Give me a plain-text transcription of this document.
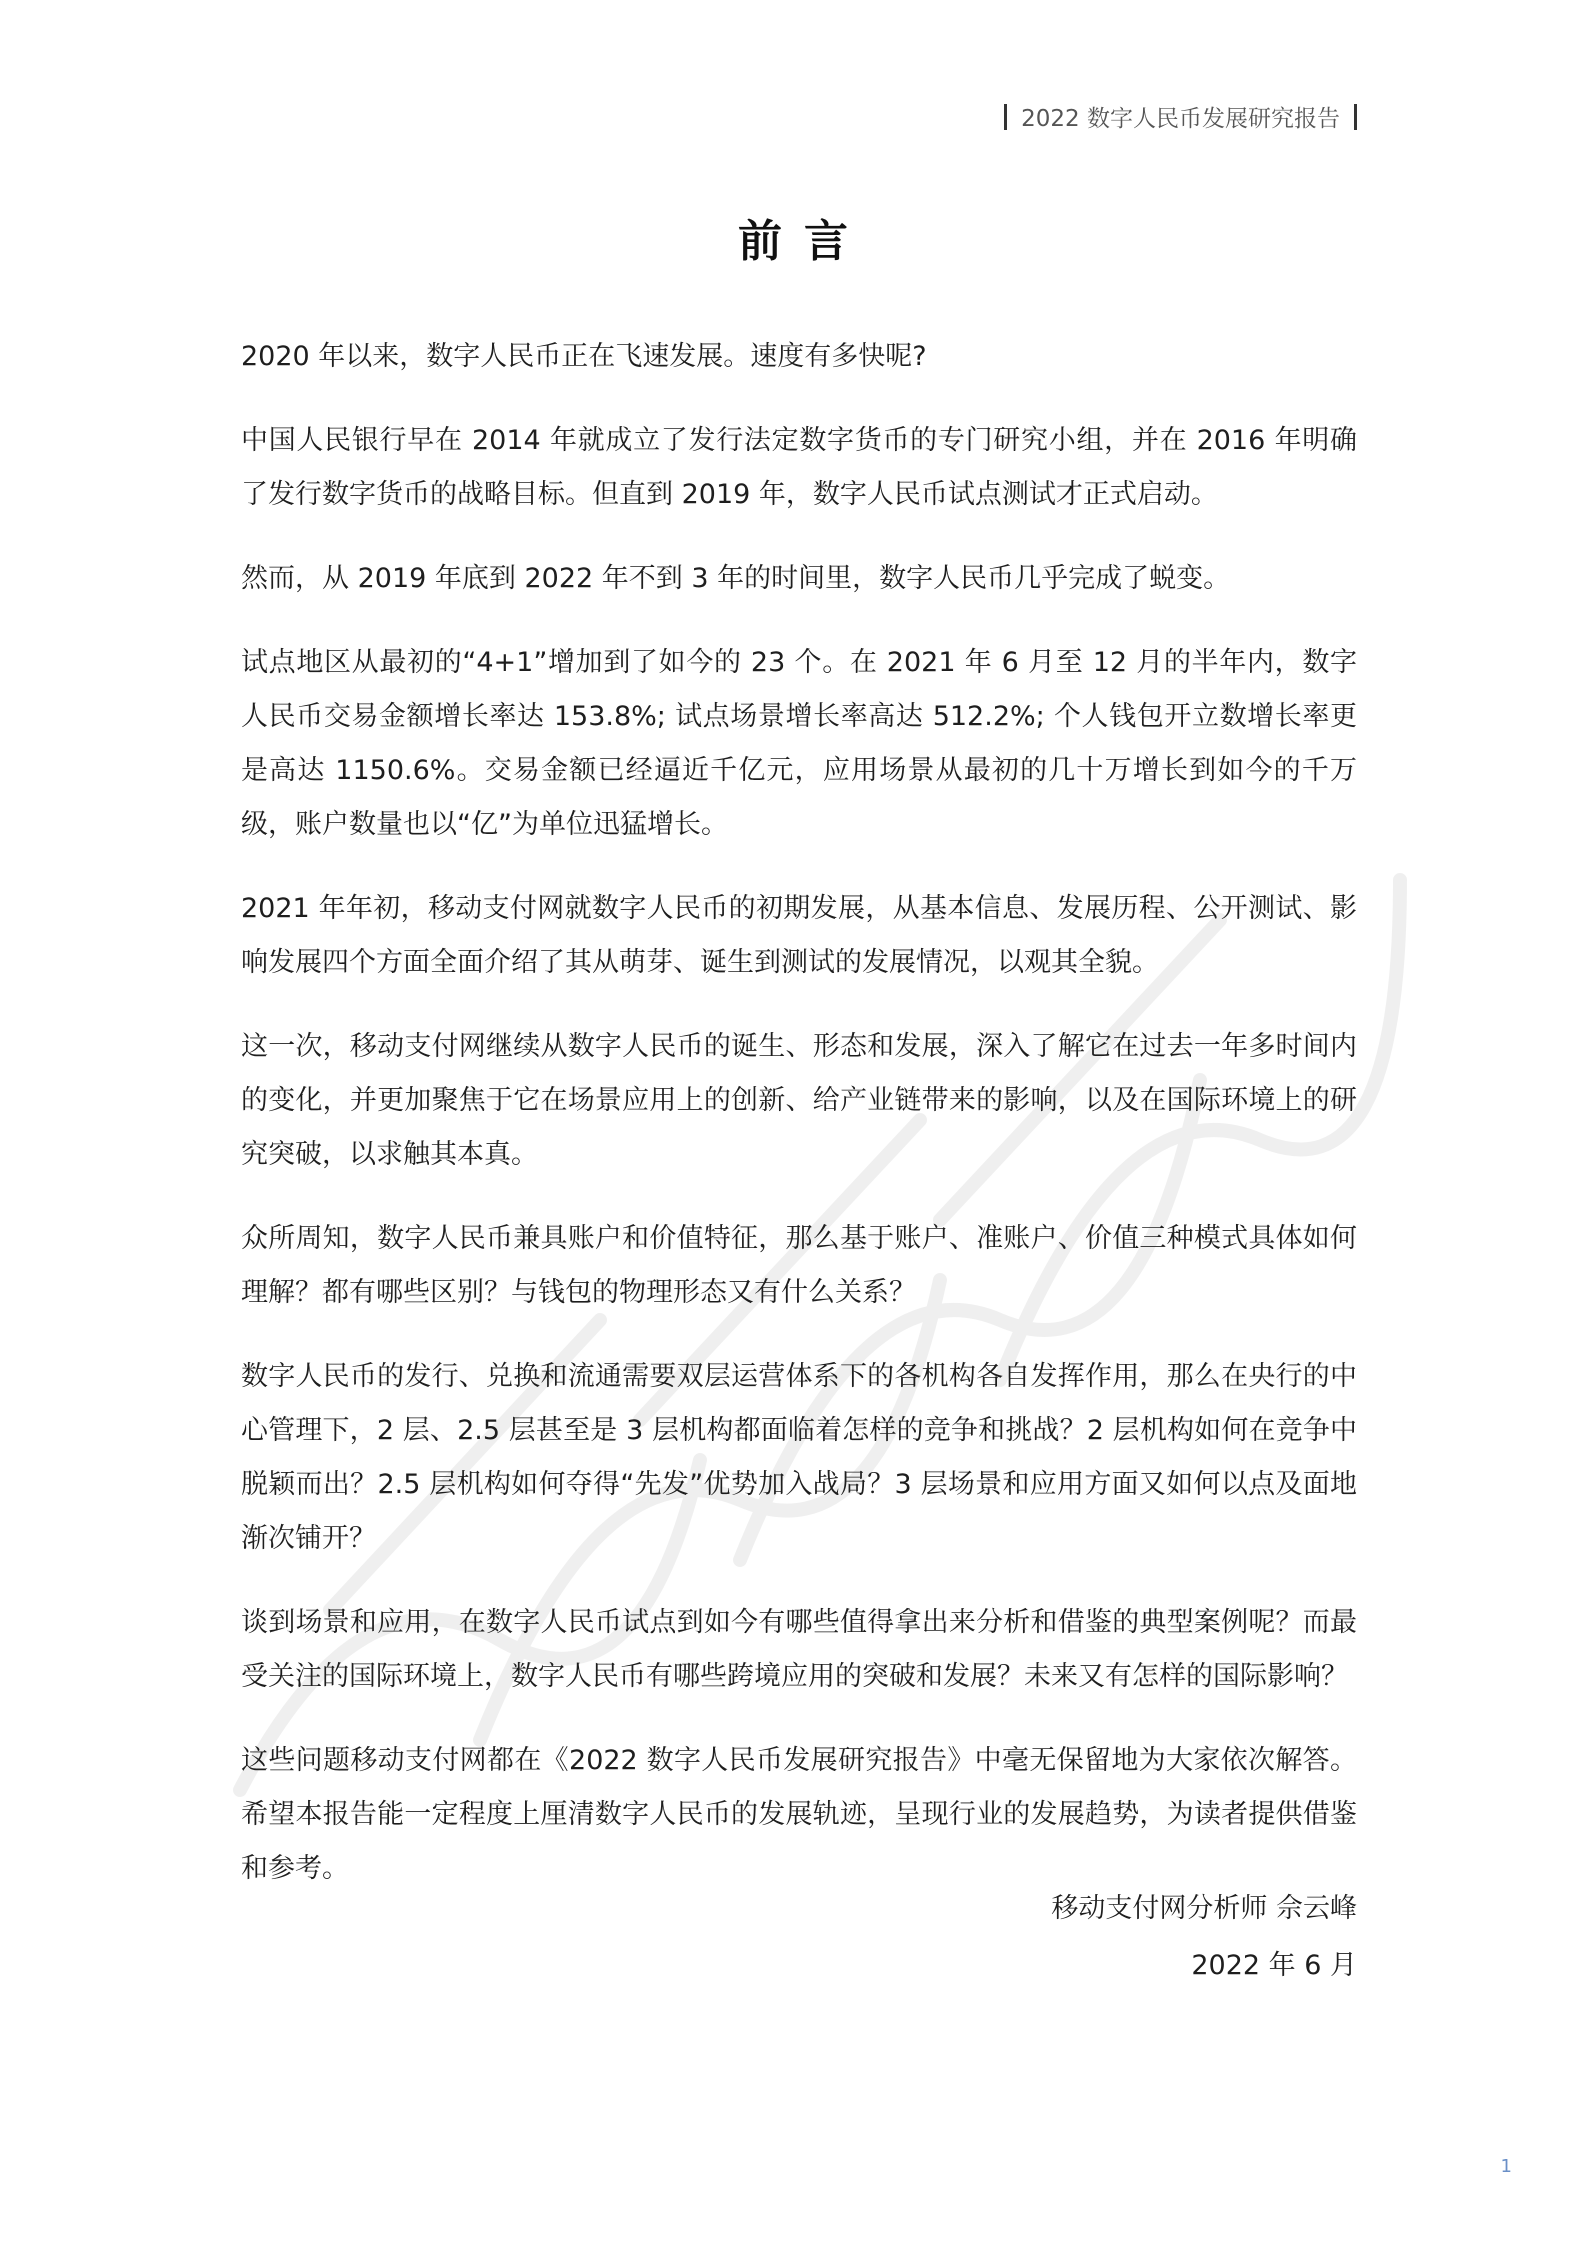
2022 数字人民币发展研究报告
前言

2020 年以来，数字人民币正在飞速发展。速度有多快呢?

中国人民银行早在 2014 年就成立了发行法定数字货币的专门研究小组，并在 2016 年明确了发行数字货币的战略目标。但直到 2019 年，数字人民币试点测试才正式启动。

然而，从 2019 年底到 2022 年不到 3 年的时间里，数字人民币几乎完成了蜕变。

试点地区从最初的“4+1”增加到了如今的 23 个。在 2021 年 6 月至 12 月的半年内，数字人民币交易金额增长率达 153.8%; 试点场景增长率高达 512.2%; 个人钱包开立数增长率更是高达 1150.6%。交易金额已经逼近千亿元，应用场景从最初的几十万增长到如今的千万级，账户数量也以“亿”为单位迅猛增长。

2021 年年初，移动支付网就数字人民币的初期发展，从基本信息、发展历程、公开测试、影响发展四个方面全面介绍了其从萌芽、诞生到测试的发展情况，以观其全貌。

这一次，移动支付网继续从数字人民币的诞生、形态和发展，深入了解它在过去一年多时间内的变化，并更加聚焦于它在场景应用上的创新、给产业链带来的影响，以及在国际环境上的研究突破，以求触其本真。

众所周知，数字人民币兼具账户和价值特征，那么基于账户、准账户、价值三种模式具体如何理解？都有哪些区别？与钱包的物理形态又有什么关系？

数字人民币的发行、兑换和流通需要双层运营体系下的各机构各自发挥作用，那么在央行的中心管理下，2 层、2.5 层甚至是 3 层机构都面临着怎样的竞争和挑战？2 层机构如何在竞争中脱颖而出？2.5 层机构如何夺得“先发”优势加入战局？3 层场景和应用方面又如何以点及面地渐次铺开？

谈到场景和应用，在数字人民币试点到如今有哪些值得拿出来分析和借鉴的典型案例呢？而最受关注的国际环境上，数字人民币有哪些跨境应用的突破和发展？未来又有怎样的国际影响？

这些问题移动支付网都在《2022 数字人民币发展研究报告》中毫无保留地为大家依次解答。希望本报告能一定程度上厘清数字人民币的发展轨迹，呈现行业的发展趋势，为读者提供借鉴和参考。

移动支付网分析师 佘云峰
2022 年 6 月
1
